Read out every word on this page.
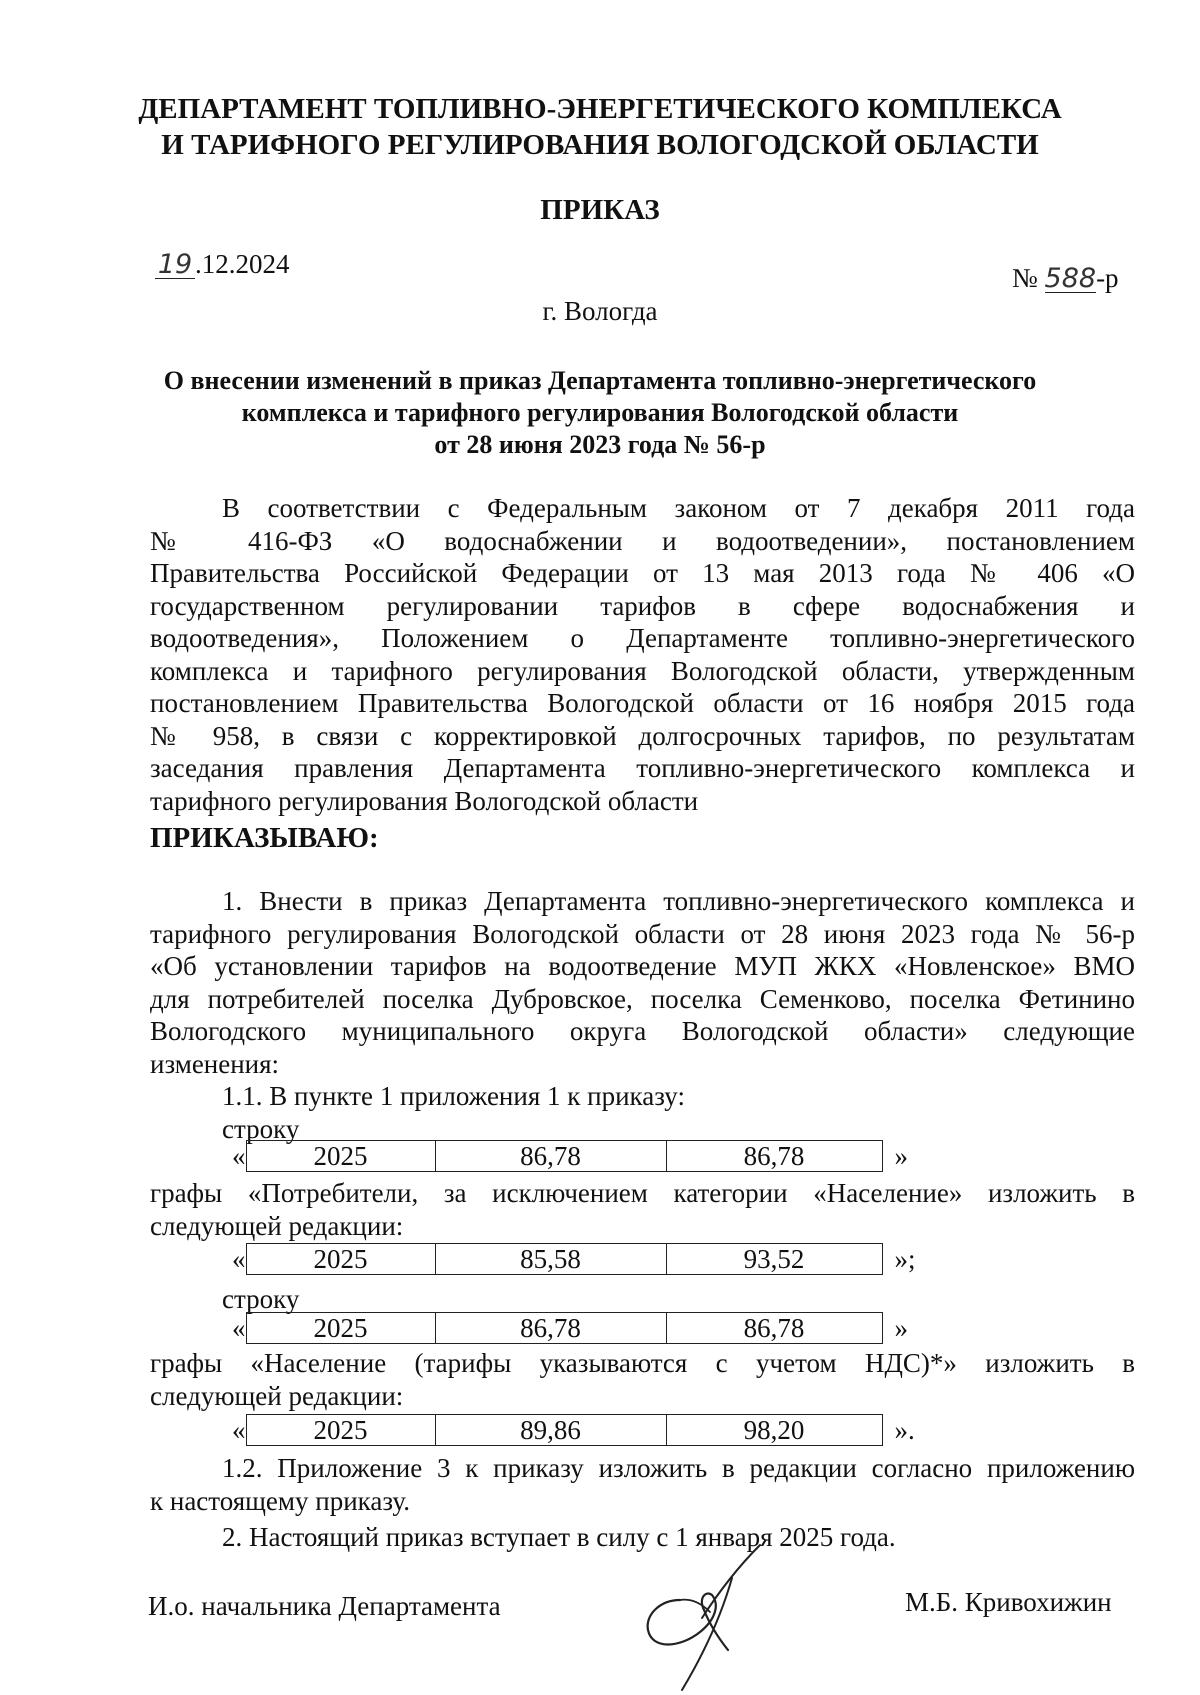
ДЕПАРТАМЕНТ ТОПЛИВНО-ЭНЕРГЕТИЧЕСКОГО КОМПЛЕКСА
И ТАРИФНОГО РЕГУЛИРОВАНИЯ ВОЛОГОДСКОЙ ОБЛАСТИ
ПРИКАЗ
19 .12.2024	№ 588-р
г. Вологда
О внесении изменений в приказ Департамента топливно-энергетического
комплекса и тарифного регулирования Вологодской области
от 28 июня 2023 года № 56-р
В соответствии с Федеральным законом от 7 декабря 2011 года
№ 416-ФЗ «О водоснабжении и водоотведении», постановлением
Правительства Российской Федерации от 13 мая 2013 года № 406 «О
государственном регулировании тарифов в сфере водоснабжения и
водоотведения», Положением о Департаменте топливно-энергетического
комплекса и тарифного регулирования Вологодской области, утвержденным
постановлением Правительства Вологодской области от 16 ноября 2015 года
№ 958, в связи с корректировкой долгосрочных тарифов, по результатам
заседания правления Департамента топливно-энергетического комплекса и
тарифного регулирования Вологодской области
ПРИКАЗЫВАЮ:
1. Внести в приказ Департамента топливно-энергетического комплекса и
тарифного регулирования Вологодской области от 28 июня 2023 года № 56-р
«Об установлении тарифов на водоотведение МУП ЖКХ «Новленское» ВМО
для потребителей поселка Дубровское, поселка Семенково, поселка Фетинино
Вологодского муниципального округа Вологодской области» следующие
изменения:
1.1. В пункте 1 приложения 1 к приказу:
строку
«	2025	86,78	86,78	»
графы «Потребители, за исключением категории «Население» изложить в
следующей редакции:
«	2025	85,58	93,52	»;
строку
«	2025	86,78	86,78	»
графы «Население (тарифы указываются с учетом НДС)*» изложить в
следующей редакции:
«	2025	89,86	98,20	».
1.2. Приложение 3 к приказу изложить в редакции согласно приложению
к настоящему приказу.
2. Настоящий приказ вступает в силу с 1 января 2025 года.
И.о. начальника Департамента	М.Б. Кривохижин
